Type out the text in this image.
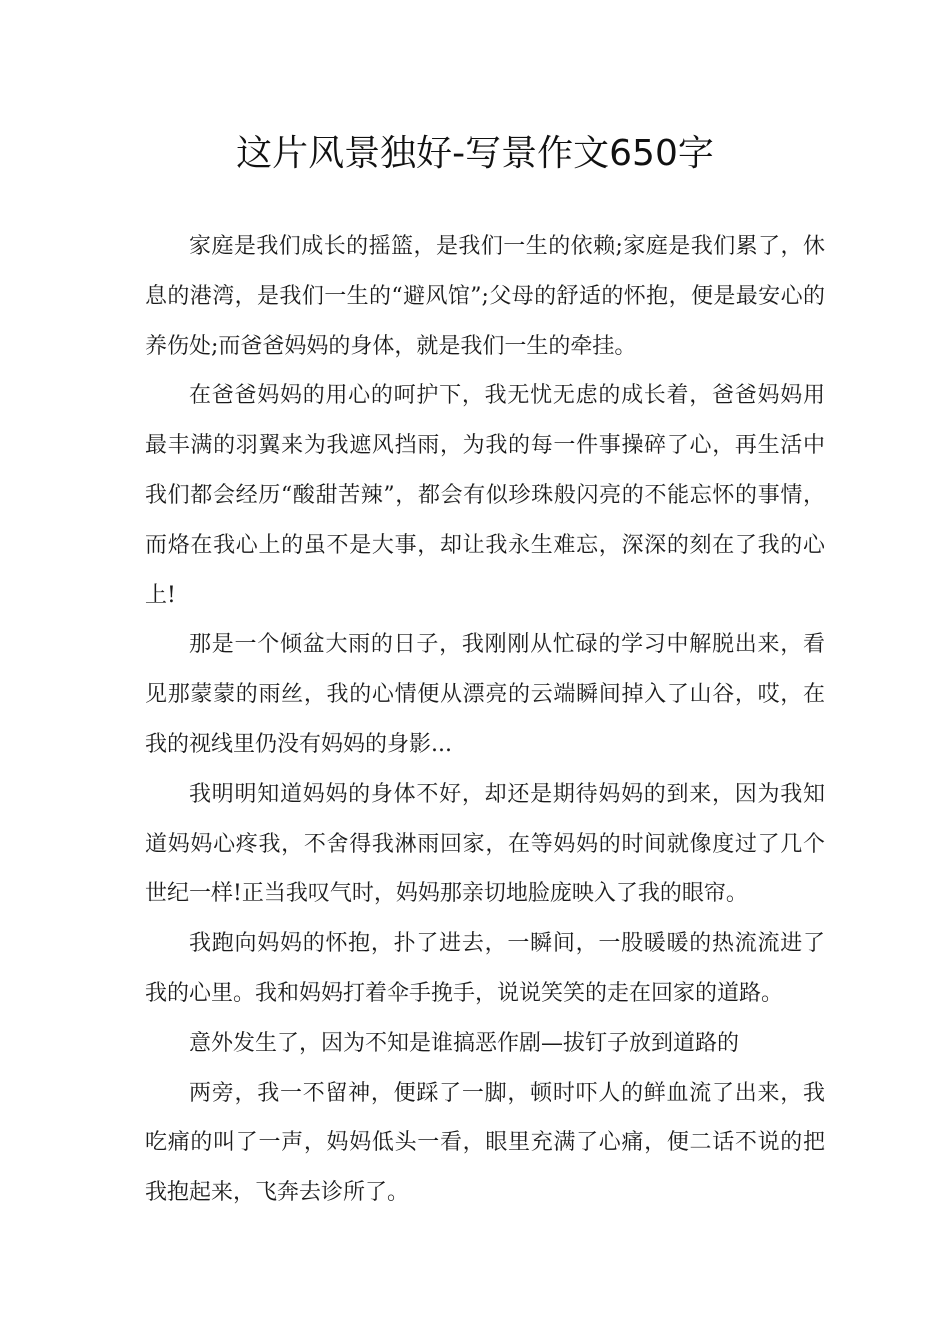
这片风景独好-写景作文650字

家庭是我们成长的摇篮，是我们一生的依赖;家庭是我们累了，休息的港湾，是我们一生的“避风馆”;父母的舒适的怀抱，便是最安心的养伤处;而爸爸妈妈的身体，就是我们一生的牵挂。

在爸爸妈妈的用心的呵护下，我无忧无虑的成长着，爸爸妈妈用最丰满的羽翼来为我遮风挡雨，为我的每一件事操碎了心，再生活中我们都会经历“酸甜苦辣”，都会有似珍珠般闪亮的不能忘怀的事情，而烙在我心上的虽不是大事，却让我永生难忘，深深的刻在了我的心上!

那是一个倾盆大雨的日子，我刚刚从忙碌的学习中解脱出来，看见那蒙蒙的雨丝，我的心情便从漂亮的云端瞬间掉入了山谷，哎，在我的视线里仍没有妈妈的身影...

我明明知道妈妈的身体不好，却还是期待妈妈的到来，因为我知道妈妈心疼我，不舍得我淋雨回家，在等妈妈的时间就像度过了几个世纪一样!正当我叹气时，妈妈那亲切地脸庞映入了我的眼帘。

我跑向妈妈的怀抱，扑了进去，一瞬间，一股暖暖的热流流进了我的心里。我和妈妈打着伞手挽手，说说笑笑的走在回家的道路。

意外发生了，因为不知是谁搞恶作剧—拔钉子放到道路的

两旁，我一不留神，便踩了一脚，顿时吓人的鲜血流了出来，我吃痛的叫了一声，妈妈低头一看，眼里充满了心痛，便二话不说的把我抱起来，飞奔去诊所了。
